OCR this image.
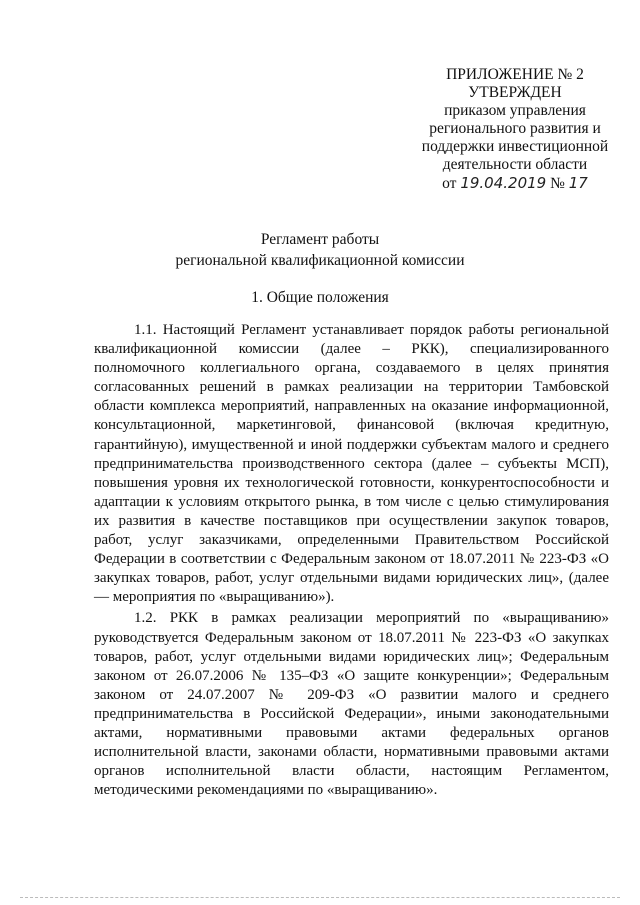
ПРИЛОЖЕНИЕ № 2
УТВЕРЖДЕН
приказом управления
регионального развития и
поддержки инвестиционной
деятельности области
от 19.04.2019 № 17
Регламент работы
региональной квалификационной комиссии
1. Общие положения

1.1. Настоящий Регламент устанавливает порядок работы региональной квалификационной комиссии (далее – РКК), специализированного полномочного коллегиального органа, создаваемого в целях принятия согласованных решений в рамках реализации на территории Тамбовской области комплекса мероприятий, направленных на оказание информационной, консультационной, маркетинговой, финансовой (включая кредитную, гарантийную), имущественной и иной поддержки субъектам малого и среднего предпринимательства производственного сектора (далее – субъекты МСП), повышения уровня их технологической готовности, конкурентоспособности и адаптации к условиям открытого рынка, в том числе с целью стимулирования их развития в качестве поставщиков при осуществлении закупок товаров, работ, услуг заказчиками, определенными Правительством Российской Федерации в соответствии с Федеральным законом от 18.07.2011 № 223-ФЗ «О закупках товаров, работ, услуг отдельными видами юридических лиц», (далее — мероприятия по «выращиванию»).

1.2. РКК в рамках реализации мероприятий по «выращиванию» руководствуется Федеральным законом от 18.07.2011 № 223-ФЗ «О закупках товаров, работ, услуг отдельными видами юридических лиц»; Федеральным законом от 26.07.2006 № 135–ФЗ «О защите конкуренции»; Федеральным законом от 24.07.2007 № 209-ФЗ «О развитии малого и среднего предпринимательства в Российской Федерации», иными законодательными актами, нормативными правовыми актами федеральных органов исполнительной власти, законами области, нормативными правовыми актами органов исполнительной власти области, настоящим Регламентом, методическими рекомендациями по «выращиванию».
